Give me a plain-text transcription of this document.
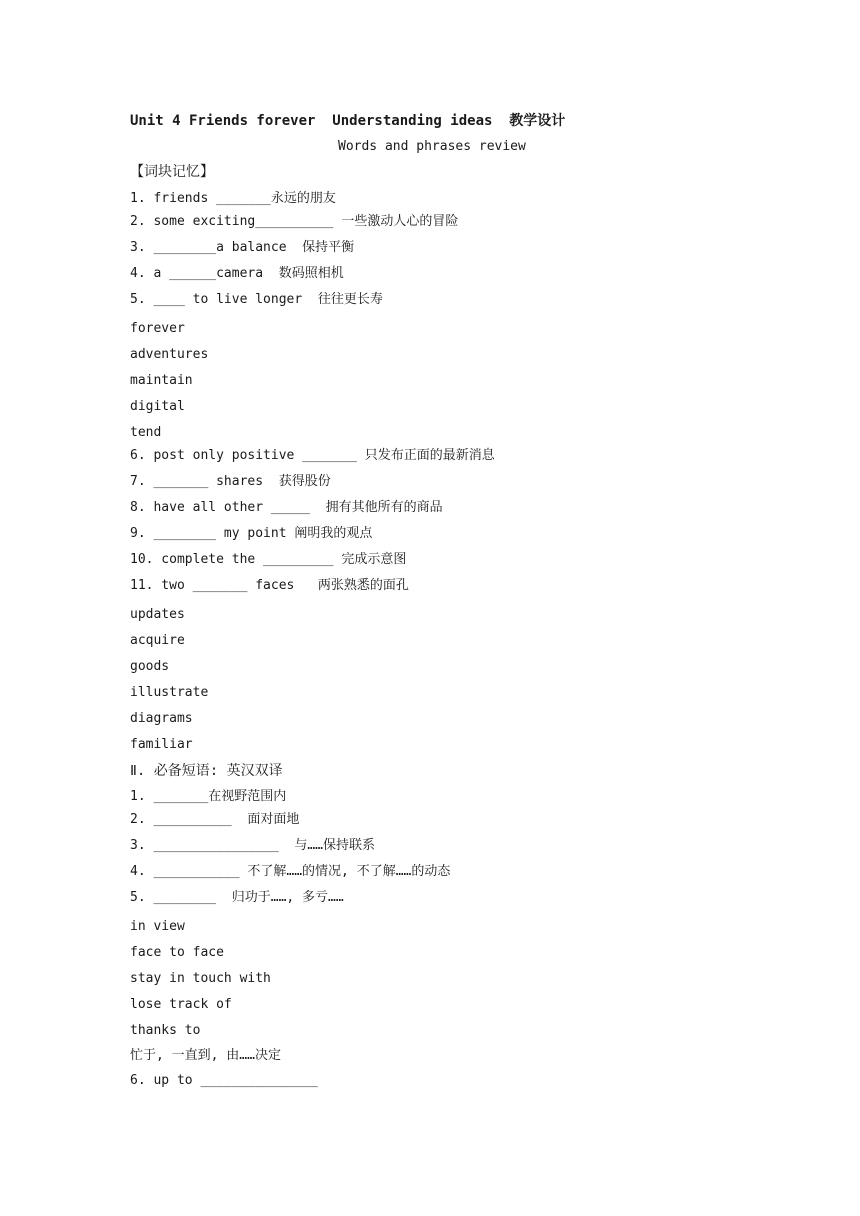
Unit 4 Friends forever  Understanding ideas  教学设计
Words and phrases review
【词块记忆】
1. friends _______永远的朋友
2. some exciting__________ 一些激动人心的冒险
3. ________a balance  保持平衡
4. a ______camera  数码照相机
5. ____ to live longer  往往更长寿
forever
adventures
maintain
digital
tend
6. post only positive _______ 只发布正面的最新消息
7. _______ shares  获得股份
8. have all other _____  拥有其他所有的商品
9. ________ my point 阐明我的观点
10. complete the _________ 完成示意图
11. two _______ faces   两张熟悉的面孔
updates
acquire
goods
illustrate
diagrams
familiar
Ⅱ. 必备短语: 英汉双译
1. _______在视野范围内
2. __________  面对面地
3. ________________  与……保持联系
4. ___________ 不了解……的情况, 不了解……的动态
5. ________  归功于……, 多亏……
in view
face to face
stay in touch with
lose track of
thanks to
忙于, 一直到, 由……决定
6. up to _______________
